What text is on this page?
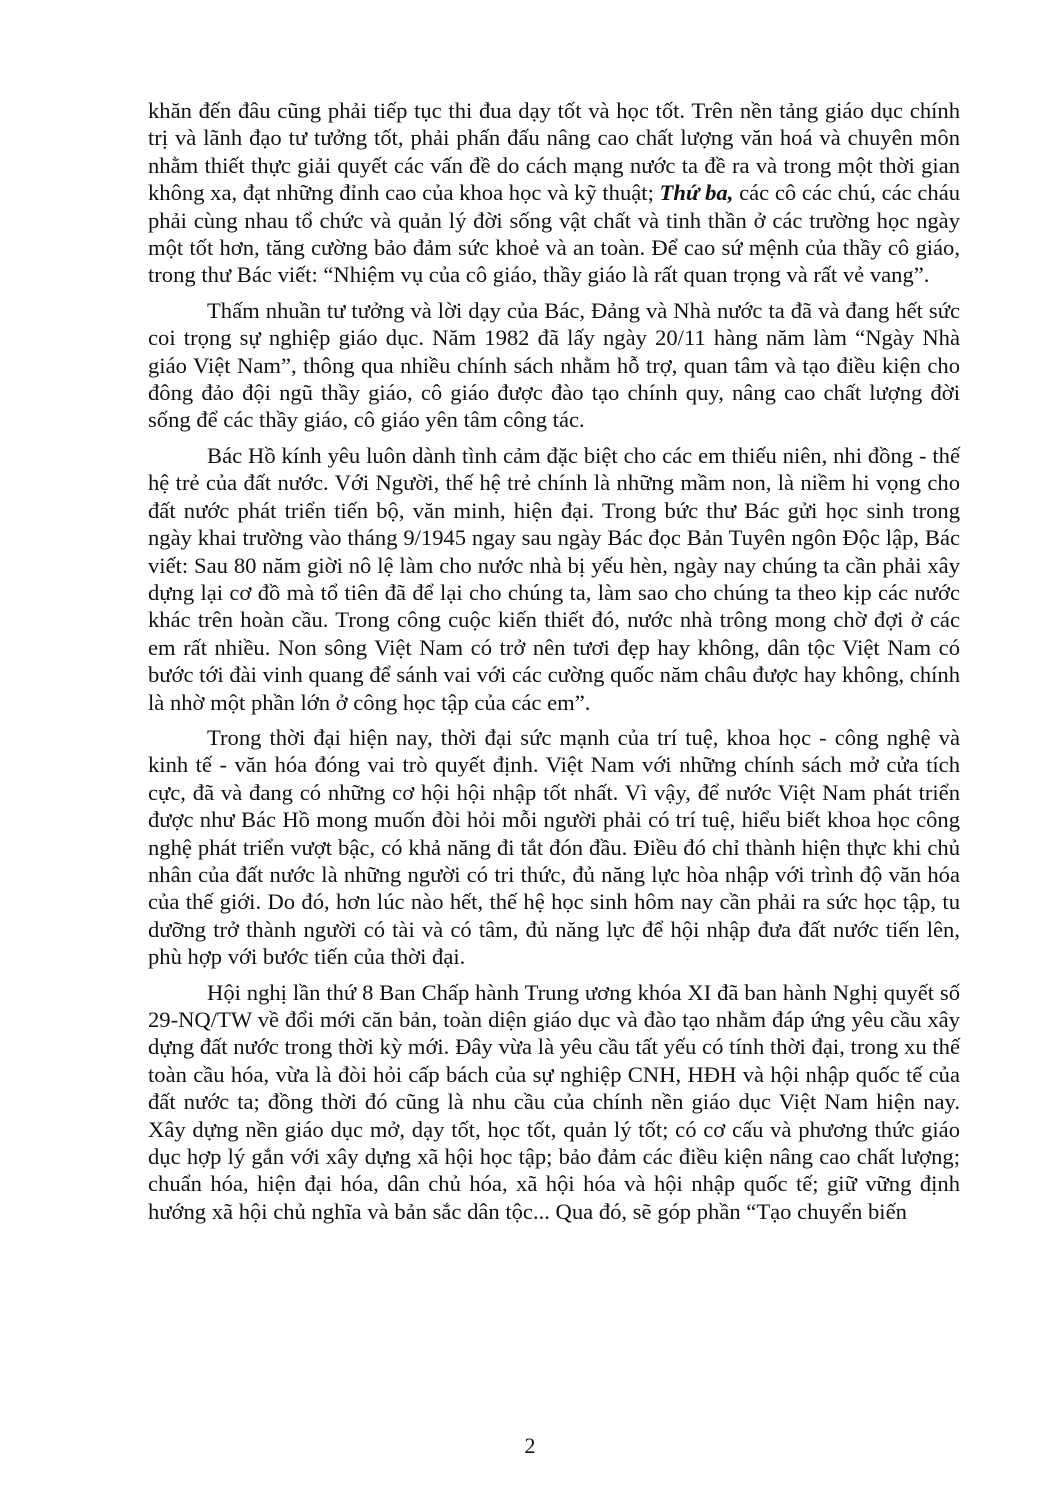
khăn đến đâu cũng phải tiếp tục thi đua dạy tốt và học tốt. Trên nền tảng giáo dục chính trị và lãnh đạo tư tưởng tốt, phải phấn đấu nâng cao chất lượng văn hoá và chuyên môn nhằm thiết thực giải quyết các vấn đề do cách mạng nước ta đề ra và trong một thời gian không xa, đạt những đỉnh cao của khoa học và kỹ thuật; Thứ ba, các cô các chú, các cháu phải cùng nhau tổ chức và quản lý đời sống vật chất và tinh thần ở các trường học ngày một tốt hơn, tăng cường bảo đảm sức khoẻ và an toàn. Để cao sứ mệnh của thầy cô giáo, trong thư Bác viết: “Nhiệm vụ của cô giáo, thầy giáo là rất quan trọng và rất vẻ vang”.

Thấm nhuần tư tưởng và lời dạy của Bác, Đảng và Nhà nước ta đã và đang hết sức coi trọng sự nghiệp giáo dục. Năm 1982 đã lấy ngày 20/11 hàng năm làm “Ngày Nhà giáo Việt Nam”, thông qua nhiều chính sách nhằm hỗ trợ, quan tâm và tạo điều kiện cho đông đảo đội ngũ thầy giáo, cô giáo được đào tạo chính quy, nâng cao chất lượng đời sống để các thầy giáo, cô giáo yên tâm công tác.

Bác Hồ kính yêu luôn dành tình cảm đặc biệt cho các em thiếu niên, nhi đồng - thế hệ trẻ của đất nước. Với Người, thế hệ trẻ chính là những mầm non, là niềm hi vọng cho đất nước phát triển tiến bộ, văn minh, hiện đại. Trong bức thư Bác gửi học sinh trong ngày khai trường vào tháng 9/1945 ngay sau ngày Bác đọc Bản Tuyên ngôn Độc lập, Bác viết: Sau 80 năm giời nô lệ làm cho nước nhà bị yếu hèn, ngày nay chúng ta cần phải xây dựng lại cơ đồ mà tổ tiên đã để lại cho chúng ta, làm sao cho chúng ta theo kịp các nước khác trên hoàn cầu. Trong công cuộc kiến thiết đó, nước nhà trông mong chờ đợi ở các em rất nhiều. Non sông Việt Nam có trở nên tươi đẹp hay không, dân tộc Việt Nam có bước tới đài vinh quang để sánh vai với các cường quốc năm châu được hay không, chính là nhờ một phần lớn ở công học tập của các em”.

Trong thời đại hiện nay, thời đại sức mạnh của trí tuệ, khoa học - công nghệ và kinh tế - văn hóa đóng vai trò quyết định. Việt Nam với những chính sách mở cửa tích cực, đã và đang có những cơ hội hội nhập tốt nhất. Vì vậy, để nước Việt Nam phát triển được như Bác Hồ mong muốn đòi hỏi mỗi người phải có trí tuệ, hiểu biết khoa học công nghệ phát triển vượt bậc, có khả năng đi tắt đón đầu. Điều đó chỉ thành hiện thực khi chủ nhân của đất nước là những người có tri thức, đủ năng lực hòa nhập với trình độ văn hóa của thế giới. Do đó, hơn lúc nào hết, thế hệ học sinh hôm nay cần phải ra sức học tập, tu dưỡng trở thành người có tài và có tâm, đủ năng lực để hội nhập đưa đất nước tiến lên, phù hợp với bước tiến của thời đại.

Hội nghị lần thứ 8 Ban Chấp hành Trung ương khóa XI đã ban hành Nghị quyết số 29-NQ/TW về đổi mới căn bản, toàn diện giáo dục và đào tạo nhằm đáp ứng yêu cầu xây dựng đất nước trong thời kỳ mới. Đây vừa là yêu cầu tất yếu có tính thời đại, trong xu thế toàn cầu hóa, vừa là đòi hỏi cấp bách của sự nghiệp CNH, HĐH và hội nhập quốc tế của đất nước ta; đồng thời đó cũng là nhu cầu của chính nền giáo dục Việt Nam hiện nay. Xây dựng nền giáo dục mở, dạy tốt, học tốt, quản lý tốt; có cơ cấu và phương thức giáo dục hợp lý gắn với xây dựng xã hội học tập; bảo đảm các điều kiện nâng cao chất lượng; chuẩn hóa, hiện đại hóa, dân chủ hóa, xã hội hóa và hội nhập quốc tế; giữ vững định hướng xã hội chủ nghĩa và bản sắc dân tộc... Qua đó, sẽ góp phần “Tạo chuyển biến

2
